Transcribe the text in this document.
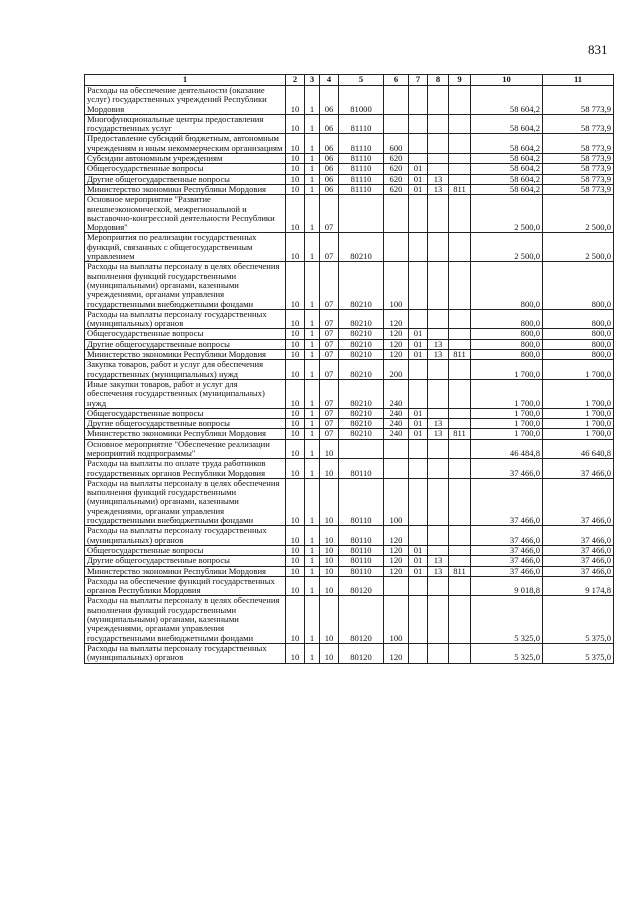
831
1	2	3	4	5	6	7	8	9	10	11
Расходы на обеспечение деятельности (оказание услуг) государственных учреждений Республики Мордовия	10	1	06	81000					58 604,2	58 773,9
Многофункциональные центры предоставления государственных услуг	10	1	06	81110					58 604,2	58 773,9
Предоставление субсидий бюджетным, автономным учреждениям и иным некоммерческим организациям	10	1	06	81110	600				58 604,2	58 773,9
Субсидии автономным учреждениям	10	1	06	81110	620				58 604,2	58 773,9
Общегосударственные вопросы	10	1	06	81110	620	01			58 604,2	58 773,9
Другие общегосударственные вопросы	10	1	06	81110	620	01	13		58 604,2	58 773,9
Министерство экономики Республики Мордовия	10	1	06	81110	620	01	13	811	58 604,2	58 773,9
Основное мероприятие "Развитие внешнеэкономической, межрегиональной и выставочно-конгрессной деятельности Республики Мордовия"	10	1	07						2 500,0	2 500,0
Мероприятия по реализации государственных функций, связанных с общегосударственным управлением	10	1	07	80210					2 500,0	2 500,0
Расходы на выплаты персоналу в целях обеспечения выполнения функций государственными (муниципальными) органами, казенными учреждениями, органами управления государственными внебюджетными фондами	10	1	07	80210	100				800,0	800,0
Расходы на выплаты персоналу государственных (муниципальных) органов	10	1	07	80210	120				800,0	800,0
Общегосударственные вопросы	10	1	07	80210	120	01			800,0	800,0
Другие общегосударственные вопросы	10	1	07	80210	120	01	13		800,0	800,0
Министерство экономики Республики Мордовия	10	1	07	80210	120	01	13	811	800,0	800,0
Закупка товаров, работ и услуг для обеспечения государственных (муниципальных) нужд	10	1	07	80210	200				1 700,0	1 700,0
Иные закупки товаров, работ и услуг для обеспечения государственных (муниципальных) нужд	10	1	07	80210	240				1 700,0	1 700,0
Общегосударственные вопросы	10	1	07	80210	240	01			1 700,0	1 700,0
Другие общегосударственные вопросы	10	1	07	80210	240	01	13		1 700,0	1 700,0
Министерство экономики Республики Мордовия	10	1	07	80210	240	01	13	811	1 700,0	1 700,0
Основное мероприятие "Обеспечение реализации мероприятий подпрограммы"	10	1	10						46 484,8	46 640,8
Расходы на выплаты по оплате труда работников государственных органов Республики Мордовия	10	1	10	80110					37 466,0	37 466,0
Расходы на выплаты персоналу в целях обеспечения выполнения функций государственными (муниципальными) органами, казенными учреждениями, органами управления государственными внебюджетными фондами	10	1	10	80110	100				37 466,0	37 466,0
Расходы на выплаты персоналу государственных (муниципальных) органов	10	1	10	80110	120				37 466,0	37 466,0
Общегосударственные вопросы	10	1	10	80110	120	01			37 466,0	37 466,0
Другие общегосударственные вопросы	10	1	10	80110	120	01	13		37 466,0	37 466,0
Министерство экономики Республики Мордовия	10	1	10	80110	120	01	13	811	37 466,0	37 466,0
Расходы на обеспечение функций государственных органов Республики Мордовия	10	1	10	80120					9 018,8	9 174,8
Расходы на выплаты персоналу в целях обеспечения выполнения функций государственными (муниципальными) органами, казенными учреждениями, органами управления государственными внебюджетными фондами	10	1	10	80120	100				5 325,0	5 375,0
Расходы на выплаты персоналу государственных (муниципальных) органов	10	1	10	80120	120				5 325,0	5 375,0
